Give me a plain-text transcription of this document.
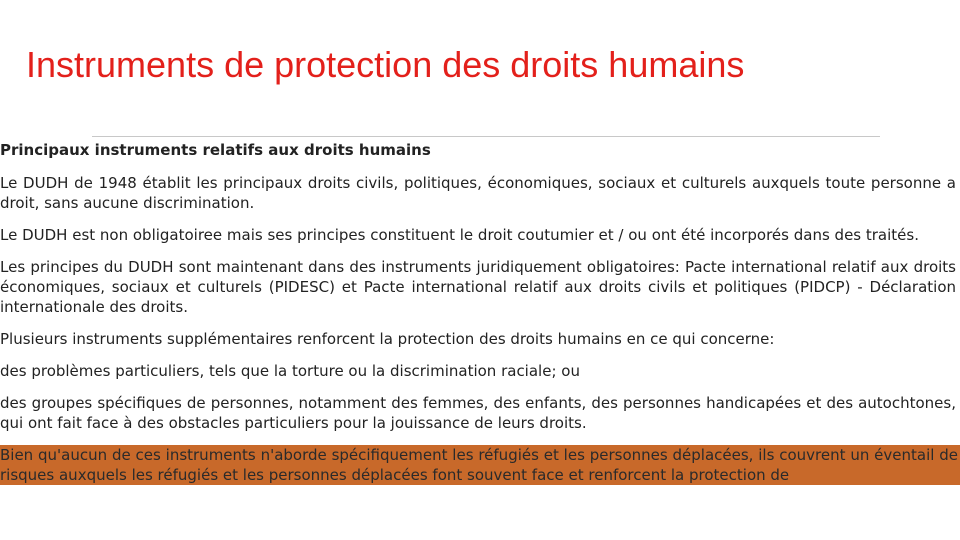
Instruments de protection des droits humains

Principaux instruments relatifs aux droits humains

Le DUDH de 1948 établit les principaux droits civils, politiques, économiques, sociaux et culturels auxquels toute personne a droit, sans aucune discrimination.

Le DUDH est non obligatoiree mais ses principes constituent le droit coutumier et / ou ont été incorporés dans des traités.

Les principes du DUDH sont maintenant dans des instruments juridiquement obligatoires: Pacte international relatif aux droits économiques, sociaux et culturels (PIDESC) et Pacte international relatif aux droits civils et politiques (PIDCP) - Déclaration internationale des droits.

Plusieurs instruments supplémentaires renforcent la protection des droits humains en ce qui concerne:

des problèmes particuliers, tels que la torture ou la discrimination raciale; ou

des groupes spécifiques de personnes, notamment des femmes, des enfants, des personnes handicapées et des autochtones, qui ont fait face à des obstacles particuliers pour la jouissance de leurs droits.

Bien qu'aucun de ces instruments n'aborde spécifiquement les réfugiés et les personnes déplacées, ils couvrent un éventail de risques auxquels les réfugiés et les personnes déplacées font souvent face et renforcent la protection de
